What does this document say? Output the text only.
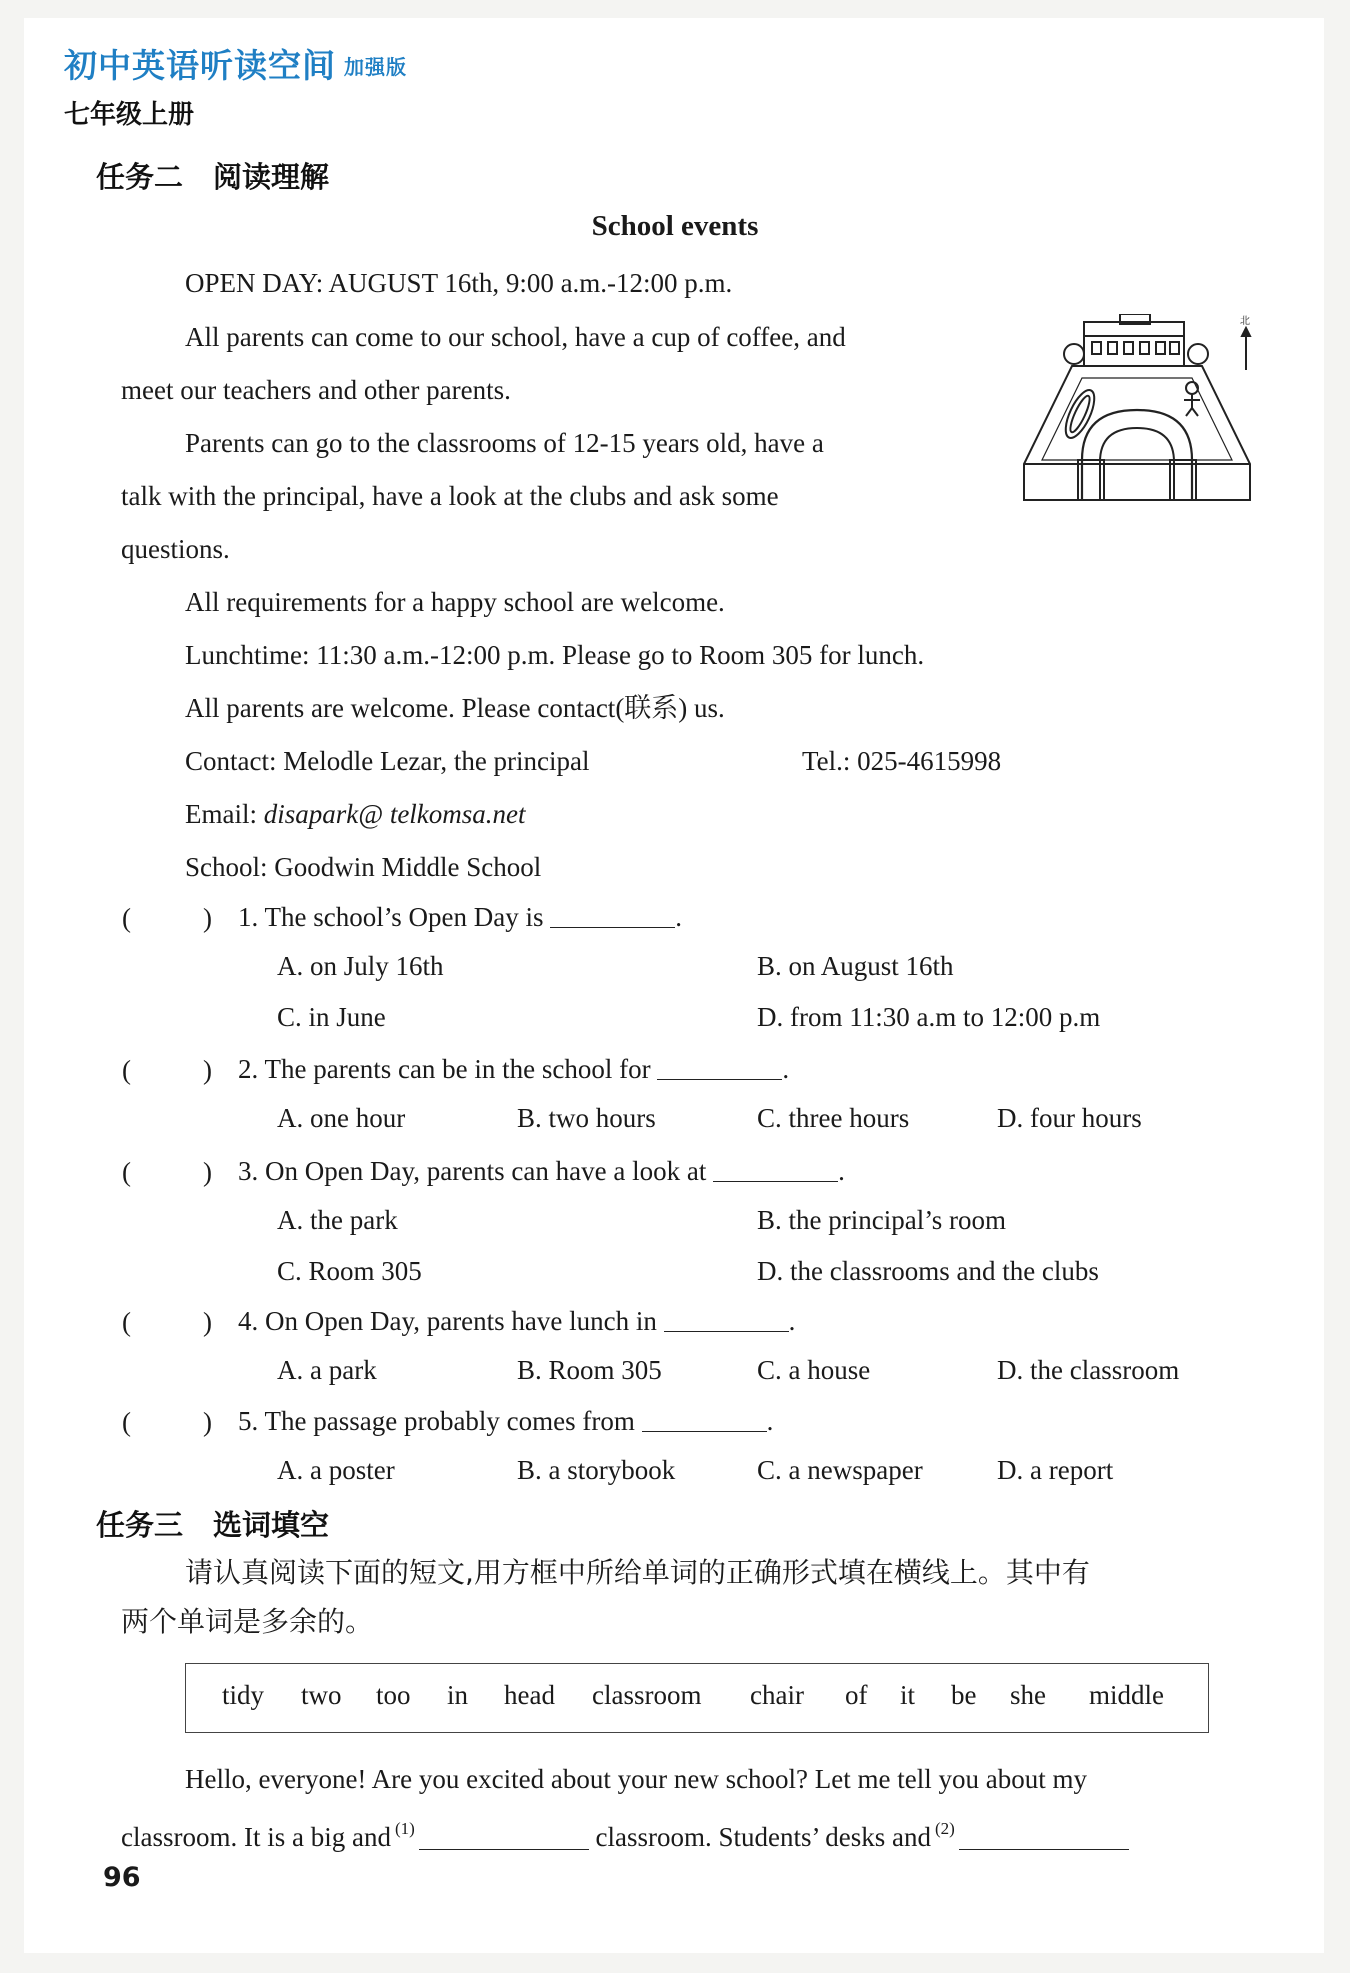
初中英语听读空间 加强版
七年级上册
任务二 阅读理解
School events
OPEN DAY: AUGUST 16th, 9:00 a.m.-12:00 p.m.
All parents can come to our school, have a cup of coffee, and
meet our teachers and other parents.
Parents can go to the classrooms of 12-15 years old, have a
talk with the principal, have a look at the clubs and ask some
questions.
All requirements for a happy school are welcome.
Lunchtime: 11:30 a.m.-12:00 p.m. Please go to Room 305 for lunch.
All parents are welcome. Please contact(联系) us.
Contact: Melodle Lezar, the principal	Tel.: 025-4615998
Email: disapark@ telkomsa.net
School: Goodwin Middle School
北
(	) 1. The school’s Open Day is	.
A. on July 16th	B. on August 16th
C. in June	D. from 11:30 a.m to 12:00 p.m
(	) 2. The parents can be in the school for	.
A. one hour	B. two hours	C. three hours	D. four hours
(	) 3. On Open Day, parents can have a look at	.
A. the park	B. the principal’s room
C. Room 305	D. the classrooms and the clubs
(	) 4. On Open Day, parents have lunch in	.
A. a park	B. Room 305	C. a house	D. the classroom
(	) 5. The passage probably comes from	.
A. a poster	B. a storybook	C. a newspaper	D. a report
任务三 选词填空
请认真阅读下面的短文,用方框中所给单词的正确形式填在横线上。其中有
两个单词是多余的。
tidy two too in head classroom chair of it be she middle
Hello, everyone! Are you excited about your new school? Let me tell you about my
classroom. It is a big and $^{(1)}$	classroom. Students’ desks and $^{(2)}$
96
